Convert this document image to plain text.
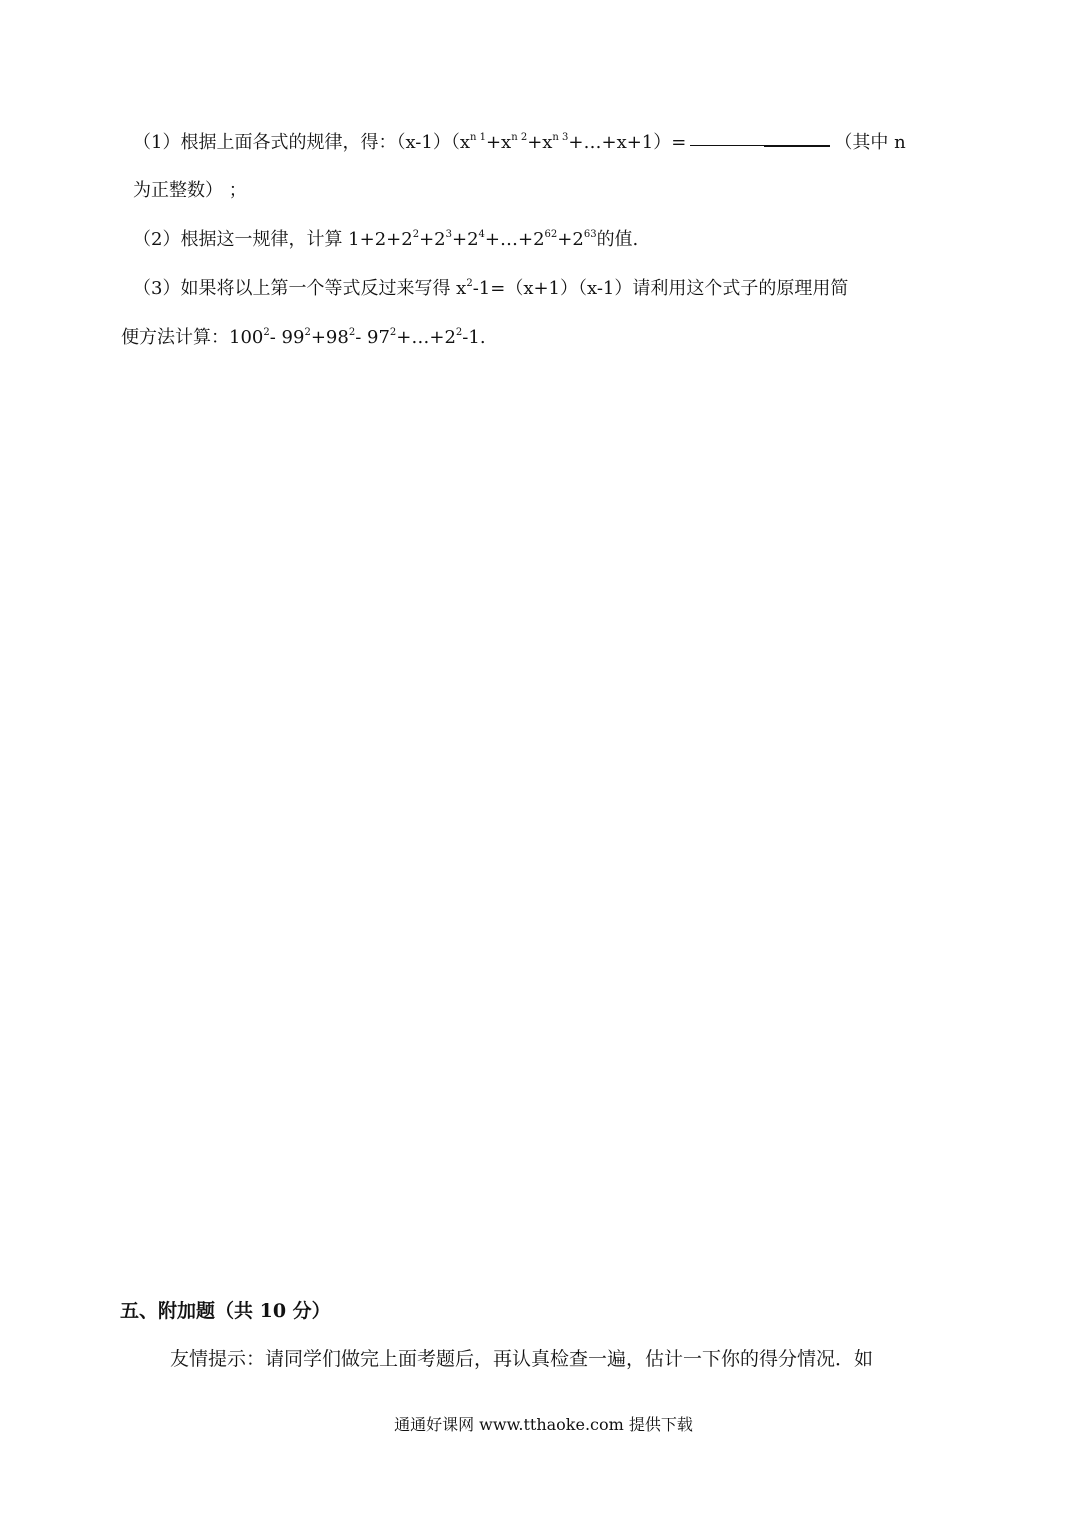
（1）根据上面各式的规律，得：$(x-1)(x^{n 1}+x^{n 2}+x^{n 3}+\dots+x+1)=$	（其中 n
为正整数） ；
（2）根据这一规律，计算 $1+2+2^2+2^3+2^4+\dots+2^{62}+2^{63}$的值.
（3）如果将以上第一个等式反过来写得 $x^2-1=(x+1)(x-1)$请利用这个式子的原理用简
便方法计算：$100^2-$ $99^2+98^2-$ $97^2+\dots+2^2-1$.
五、附加题（共 10 分）
友情提示：请同学们做完上面考题后，再认真检查一遍，估计一下你的得分情况．如
通通好课网 www.tthaoke.com 提供下载
